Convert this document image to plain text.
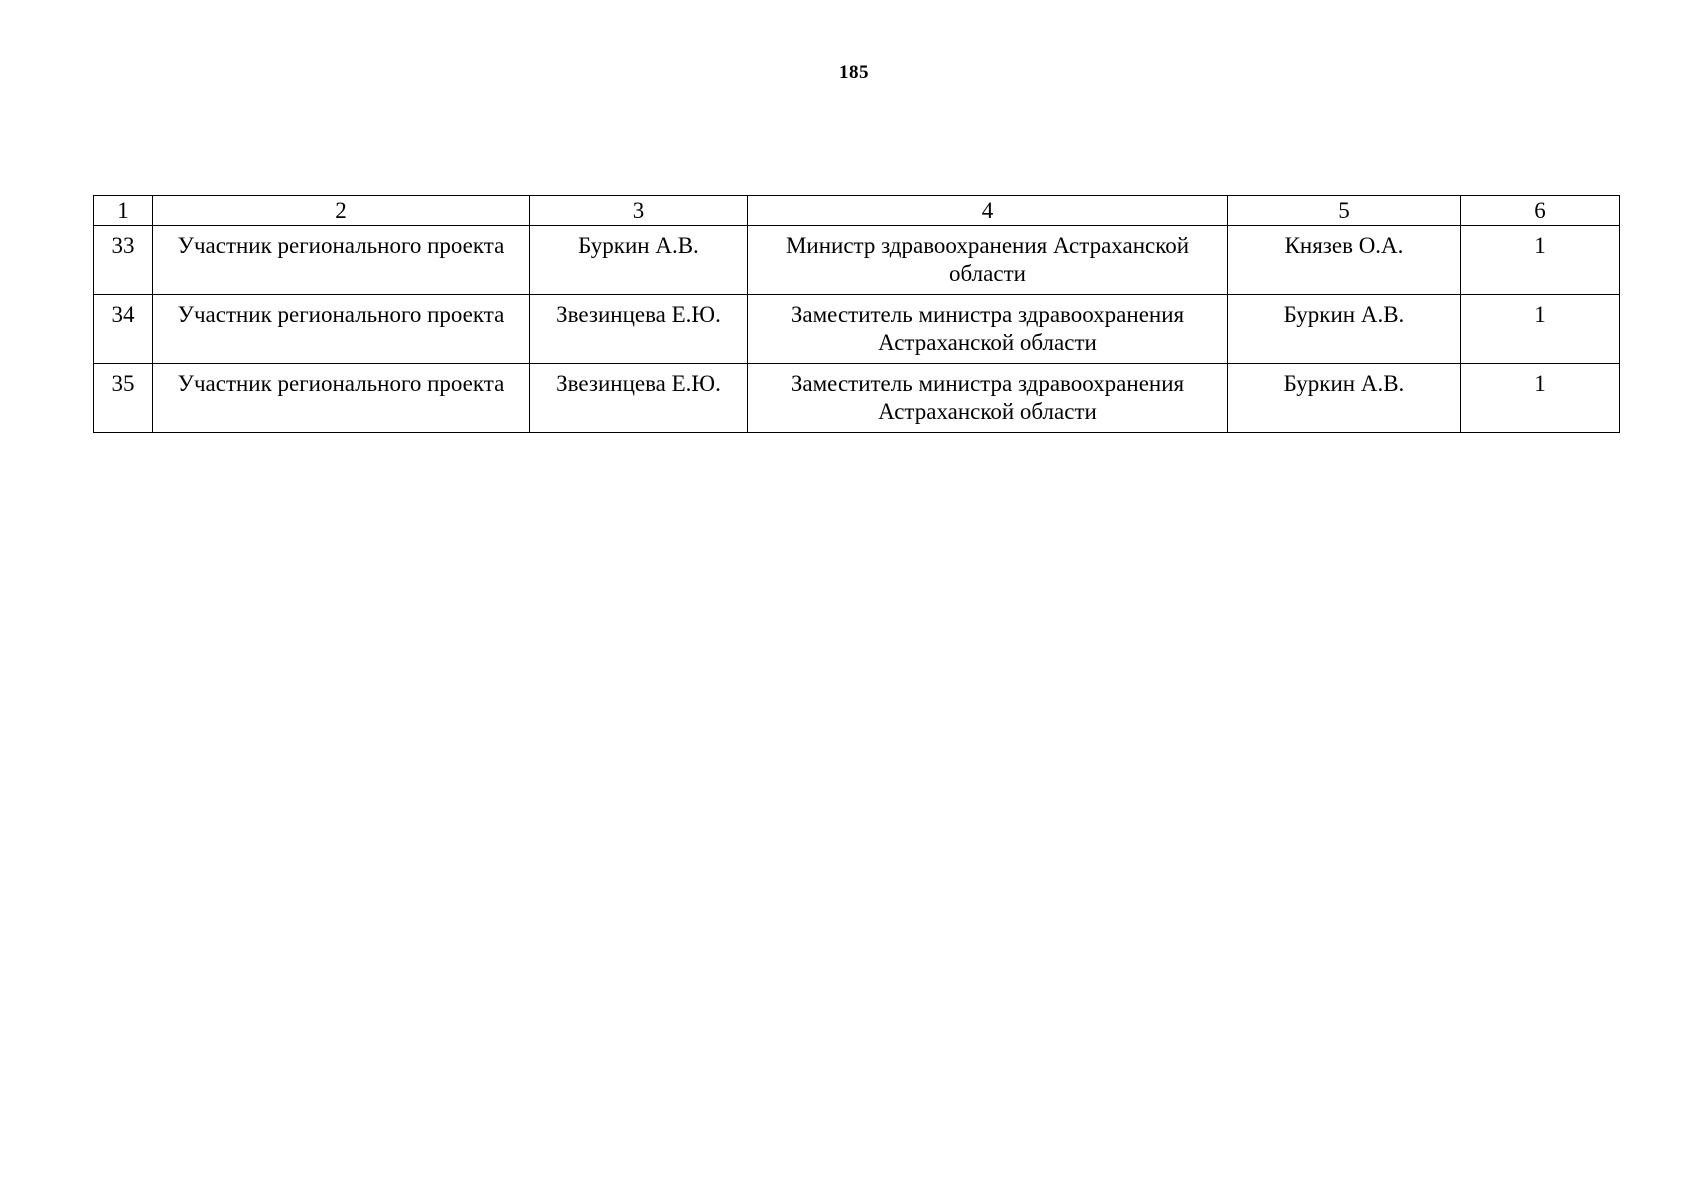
185
1	2	3	4	5	6
33	Участник регионального проекта	Буркин А.В.	Министр здравоохранения Астраханской области	Князев О.А.	1
34	Участник регионального проекта	Звезинцева Е.Ю.	Заместитель министра здравоохранения Астраханской области	Буркин А.В.	1
35	Участник регионального проекта	Звезинцева Е.Ю.	Заместитель министра здравоохранения Астраханской области	Буркин А.В.	1
